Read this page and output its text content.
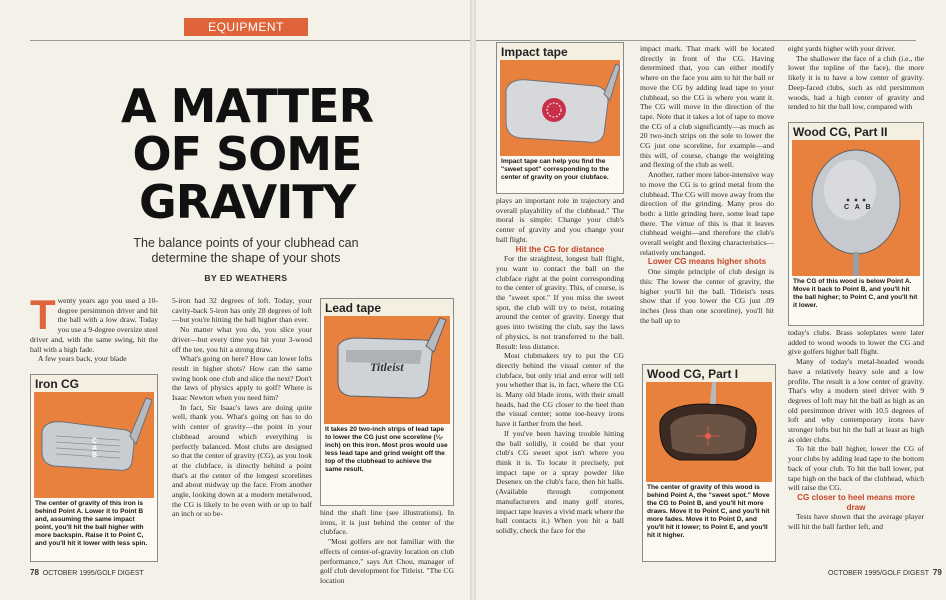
EQUIPMENT
A MATTER OF SOME GRAVITY

The balance points of your clubhead can determine the shape of your shots

BY ED WEATHERS

Twenty years ago you used a 10-degree persimmon driver and hit the ball with a low draw. Today you use a 9-degree oversize steel driver and, with the same swing, hit the ball with a high fade.

A few years back, your blade

Iron CG
C
A
B

The center of gravity of this iron is behind Point A. Lower it to Point B and, assuming the same impact point, you'll hit the ball higher with more backspin. Raise it to Point C, and you'll hit it lower with less spin.

5-iron had 32 degrees of loft. Today, your cavity-back 5-iron has only 28 degrees of loft—but you're hitting the ball higher than ever.

No matter what you do, you slice your driver—but every time you hit your 3-wood off the tee, you hit a strong draw.

What's going on here? How can lower lofts result in higher shots? How can the same swing hook one club and slice the next? Don't the laws of physics apply to golf? Where is Isaac Newton when you need him?

In fact, Sir Isaac's laws are doing quite well, thank you. What's going on has to do with center of gravity—the point in your clubhead around which everything is perfectly balanced. Most clubs are designed so that the center of gravity (CG), as you look at the clubface, is directly behind a point that's at the center of the longest scorelines and about midway up the face. From another angle, looking down at a modern metalwood, the CG is likely to be even with or up to half an inch or so be-

Lead tape
Titleist

It takes 20 two-inch strips of lead tape to lower the CG just one scoreline (⅛-inch) on this iron. Most pros would use less lead tape and grind weight off the top of the clubhead to achieve the same result.

hind the shaft line (see illustrations). In irons, it is just behind the center of the clubface.

"Most golfers are not familiar with the effects of center-of-gravity location on club performance," says Art Chou, manager of golf club development for Titleist. "The CG location

78 OCTOBER 1995/GOLF DIGEST
Impact tape

Impact tape can help you find the "sweet spot" corresponding to the center of gravity on your clubface.

plays an important role in trajectory and overall playability of the clubhead." The moral is simple: Change your club's center of gravity and you change your ball flight.

Hit the CG for distance

For the straightest, longest ball flight, you want to contact the ball on the clubface right at the point corresponding to the center of gravity. This, of course, is the "sweet spot." If you miss the sweet spot, the club will try to twist, rotating around the center of gravity. Energy that goes into twisting the club, say the laws of physics, is not transferred to the ball. Result: less distance.

Most clubmakers try to put the CG directly behind the visual center of the clubface, but only trial and error will tell you whether that is, in fact, where the CG is. Many old blade irons, with their small heads, had the CG closer to the heel than the visual center; some toe-heavy irons have it farther from the heel.

If you've been having trouble hitting the ball solidly, it could be that your club's CG sweet spot isn't where you think it is. To locate it precisely, put impact tape or a spray powder like Desenex on the club's face, then hit balls. (Available through component manufacturers and many golf stores, impact tape leaves a vivid mark where the ball contacts it.) When you hit a ball solidly, check the face for the

impact mark. That mark will be located directly in front of the CG. Having determined that, you can either modify where on the face you aim to hit the ball or move the CG by adding lead tape to your clubhead, so the CG is where you want it. The CG will move in the direction of the tape. Note that it takes a lot of tape to move the CG of a club significantly—as much as 20 two-inch strips on the sole to lower the CG just one scoreline, for example—and this will, of course, change the weighting and flexing of the club as well.

Another, rather more labor-intensive way to move the CG is to grind metal from the clubhead. The CG will move away from the direction of the grinding. Many pros do both: a little grinding here, some lead tape there. The virtue of this is that it leaves clubhead weight—and therefore the club's overall weight and flexing characteristics—relatively unchanged.

Lower CG means higher shots

One simple principle of club design is this: The lower the center of gravity, the higher you'll hit the ball. Titleist's tests show that if you lower the CG just .09 inches (less than one scoreline), you'll hit the ball up to

Wood CG, Part I

The center of gravity of this wood is behind Point A, the "sweet spot." Move the CG to Point B, and you'll hit more draws. Move it to Point C, and you'll hit more fades. Move it to Point D, and you'll hit it lower; to Point E, and you'll hit it higher.

eight yards higher with your driver.

The shallower the face of a club (i.e., the lower the topline of the face), the more likely it is to have a low center of gravity. Deep-faced clubs, such as old persimmon woods, had a high center of gravity and tended to hit the ball low, compared with

Wood CG, Part II
C A B

The CG of this wood is below Point A. Move it back to Point B, and you'll hit the ball higher; to Point C, and you'll hit it lower.

today's clubs. Brass soleplates were later added to wood woods to lower the CG and give golfers higher ball flight.

Many of today's metal-headed woods have a relatively heavy sole and a low profile. The result is a low center of gravity. That's why a modern steel driver with 9 degrees of loft may hit the ball as high as an old persimmon driver with 10.5 degrees of loft and why contemporary irons have stronger lofts but hit the ball at least as high as older clubs.

To hit the ball higher, lower the CG of your clubs by adding lead tape to the bottom back of your club. To hit the ball lower, put tape high on the back of the clubhead, which will raise the CG.

CG closer to heel means more draw

Tests have shown that the average player will hit the ball farther left, and

OCTOBER 1995/GOLF DIGEST 79
